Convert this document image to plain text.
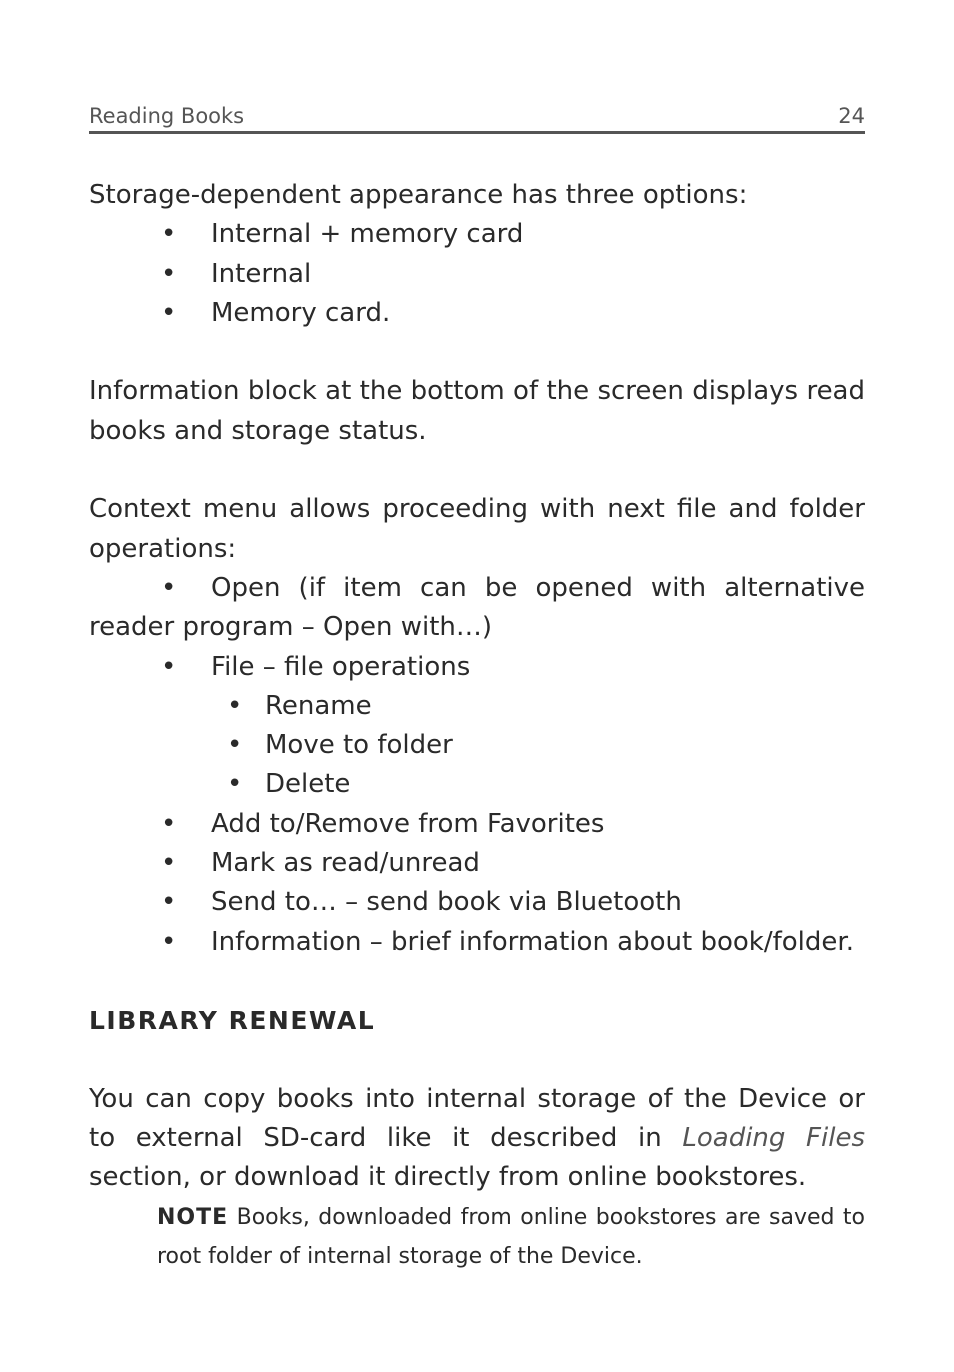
Reading Books	24

Storage-dependent appearance has three options:

• Internal + memory card
• Internal
• Memory card.

Information block at the bottom of the screen displays read books and storage status.

Context menu allows proceeding with next file and folder operations:

• Open (if item can be opened with alternative reader program – Open with…)

• File – file operations
• Rename
• Move to folder
• Delete
• Add to/Remove from Favorites
• Mark as read/unread
• Send to… – send book via Bluetooth
• Information – brief information about book/folder.

LIBRARY RENEWAL

You can copy books into internal storage of the Device or to external SD-card like it described in Loading Files section, or download it directly from online bookstores.

NOTE Books, downloaded from online bookstores are saved to root folder of internal storage of the Device.
